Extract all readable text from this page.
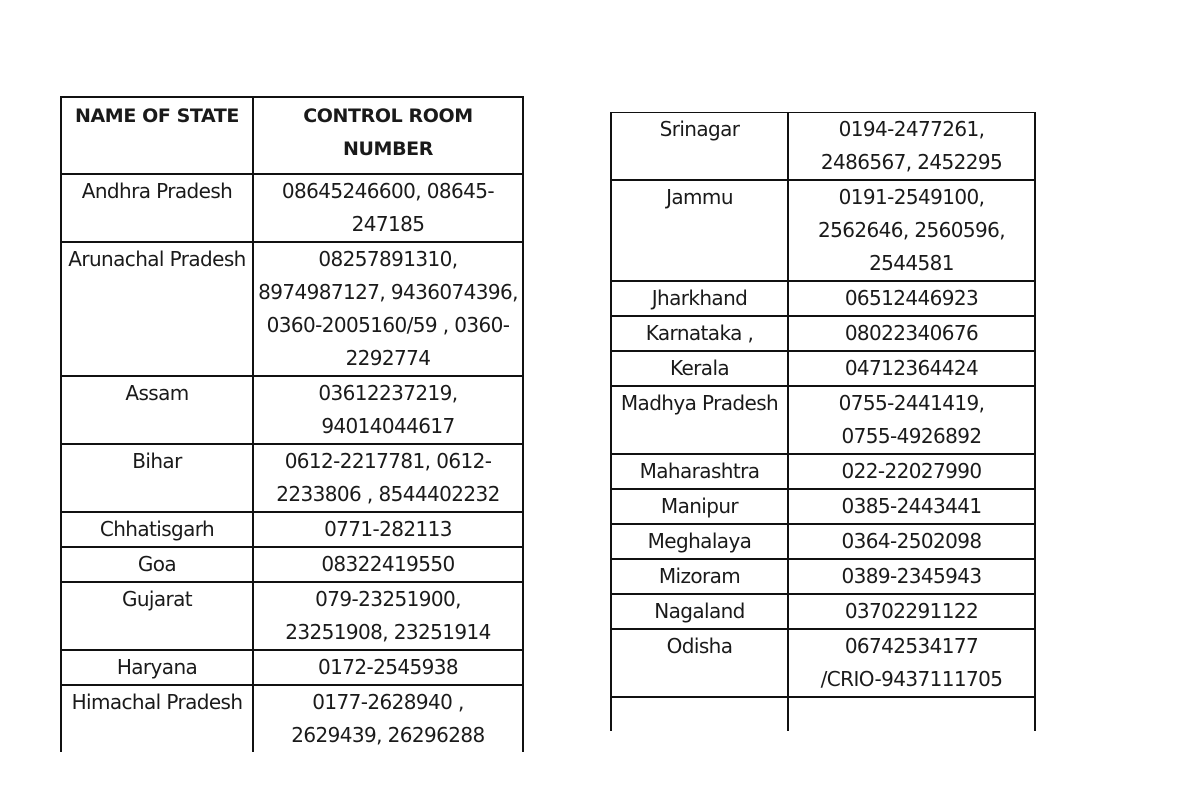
NAME OF STATE	CONTROL ROOM NUMBER
Andhra Pradesh	08645246600, 08645-247185
Arunachal Pradesh	08257891310, 8974987127, 9436074396, 0360-2005160/59 , 0360-2292774
Assam	03612237219, 94014044617
Bihar	0612-2217781, 0612-2233806 , 8544402232
Chhatisgarh	0771-282113
Goa	08322419550
Gujarat	079-23251900, 23251908, 23251914
Haryana	0172-2545938
Himachal Pradesh	0177-2628940 , 2629439, 26296288
Srinagar	0194-2477261, 2486567, 2452295
Jammu	0191-2549100, 2562646, 2560596, 2544581
Jharkhand	06512446923
Karnataka ,	08022340676
Kerala	04712364424
Madhya Pradesh	0755-2441419, 0755-4926892
Maharashtra	022-22027990
Manipur	0385-2443441
Meghalaya	0364-2502098
Mizoram	0389-2345943
Nagaland	03702291122
Odisha	06742534177 /CRIO-9437111705
